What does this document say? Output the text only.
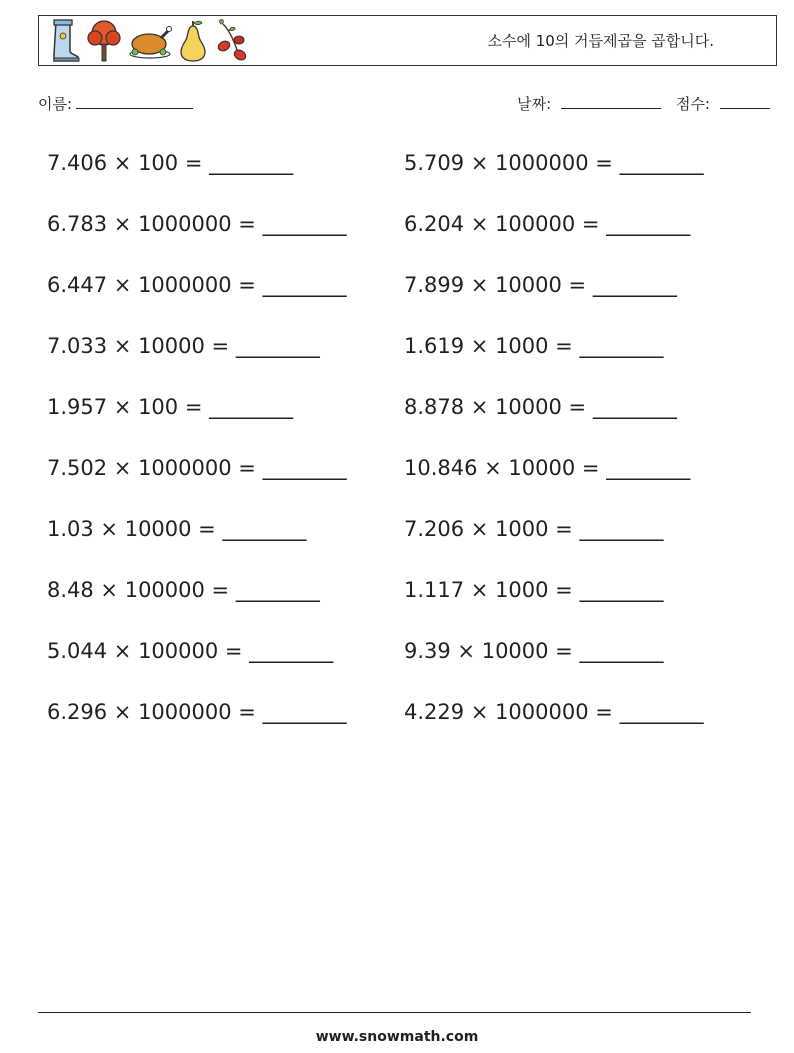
소수에 10의 거듭제곱을 곱합니다.
이름:	날짜:	점수:
7.406 × 100 = ________	5.709 × 1000000 = ________
6.783 × 1000000 = ________	6.204 × 100000 = ________
6.447 × 1000000 = ________	7.899 × 10000 = ________
7.033 × 10000 = ________	1.619 × 1000 = ________
1.957 × 100 = ________	8.878 × 10000 = ________
7.502 × 1000000 = ________	10.846 × 10000 = ________
1.03 × 10000 = ________	7.206 × 1000 = ________
8.48 × 100000 = ________	1.117 × 1000 = ________
5.044 × 100000 = ________	9.39 × 10000 = ________
6.296 × 1000000 = ________	4.229 × 1000000 = ________
www.snowmath.com
